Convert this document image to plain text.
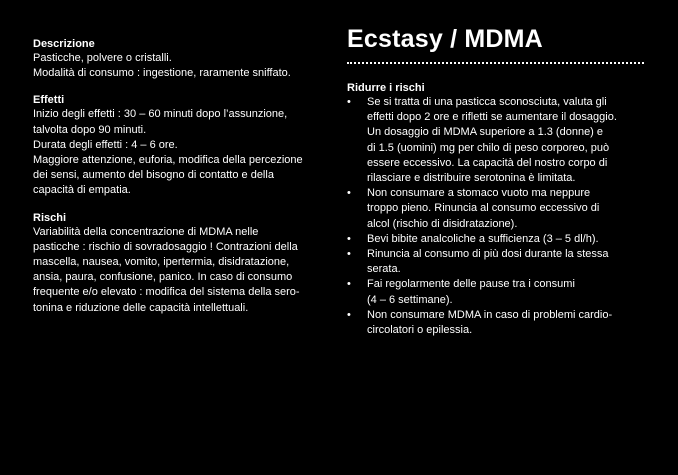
Descrizione

Pasticche, polvere o cristalli.

Modalità di consumo : ingestione, raramente sniffato.

Effetti

Inizio degli effetti : 30 – 60 minuti dopo l’assunzione,

talvolta dopo 90 minuti.

Durata degli effetti : 4 – 6 ore.

Maggiore attenzione, euforia, modifica della percezione

dei sensi, aumento del bisogno di contatto e della

capacità di empatia.

Rischi

Variabilità della concentrazione di MDMA nelle

pasticche : rischio di sovradosaggio ! Contrazioni della

mascella, nausea, vomito, ipertermia, disidratazione,

ansia, paura, confusione, panico. In caso di consumo

frequente e/o elevato : modifica del sistema della sero-

tonina e riduzione delle capacità intellettuali.

Ecstasy / MDMA
Ridurre i rischi
• Se si tratta di una pasticca sconosciuta, valuta gli
effetti dopo 2 ore e rifletti se aumentare il dosaggio.
Un dosaggio di MDMA superiore a 1.3 (donne) e
di 1.5 (uomini) mg per chilo di peso corporeo, può
essere eccessivo. La capacità del nostro corpo di
rilasciare e distribuire serotonina è limitata.
• Non consumare a stomaco vuoto ma neppure
troppo pieno. Rinuncia al consumo eccessivo di
alcol (rischio di disidratazione).
• Bevi bibite analcoliche a sufficienza (3 – 5 dl/h).
• Rinuncia al consumo di più dosi durante la stessa
serata.
• Fai regolarmente delle pause tra i consumi
(4 – 6 settimane).
• Non consumare MDMA in caso di problemi cardio-
circolatori o epilessia.
